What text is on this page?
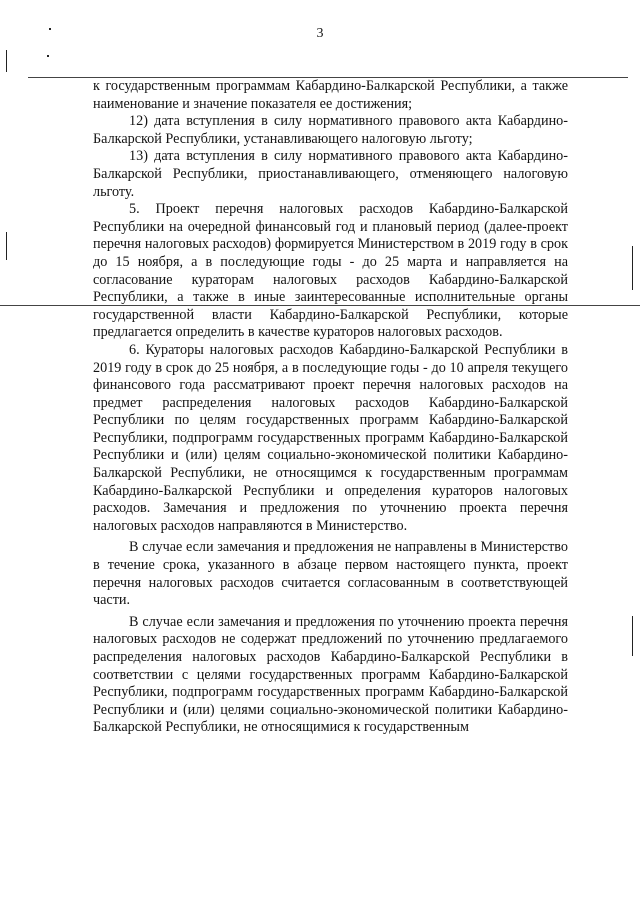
3

к государственным программам Кабардино-Балкарской Республики, а также наименование и значение показателя ее достижения;

12) дата вступления в силу нормативного правового акта Кабардино-Балкарской Республики, устанавливающего налоговую льготу;

13) дата вступления в силу нормативного правового акта Кабардино-Балкарской Республики, приостанавливающего, отменяющего налоговую льготу.

5. Проект перечня налоговых расходов Кабардино-Балкарской Республики на очередной финансовый год и плановый период (далее-проект перечня налоговых расходов) формируется Министерством в 2019 году в срок до 15 ноября, а в последующие годы - до 25 марта и направляется на согласование кураторам налоговых расходов Кабардино-Балкарской Республики, а также в иные заинтересованные исполнительные органы государственной власти Кабардино-Балкарской Республики, которые предлагается определить в качестве кураторов налоговых расходов.

6. Кураторы налоговых расходов Кабардино-Балкарской Республики в 2019 году в срок до 25 ноября, а в последующие годы - до 10 апреля текущего финансового года рассматривают проект перечня налоговых расходов на предмет распределения налоговых расходов Кабардино-Балкарской Республики по целям государственных программ Кабардино-Балкарской Республики, подпрограмм государственных программ Кабардино-Балкарской Республики и (или) целям социально-экономической политики Кабардино-Балкарской Республики, не относящимся к государственным программам Кабардино-Балкарской Республики и определения кураторов налоговых расходов. Замечания и предложения по уточнению проекта перечня налоговых расходов направляются в Министерство.

В случае если замечания и предложения не направлены в Министерство в течение срока, указанного в абзаце первом настоящего пункта, проект перечня налоговых расходов считается согласованным в соответствующей части.

В случае если замечания и предложения по уточнению проекта перечня налоговых расходов не содержат предложений по уточнению предлагаемого распределения налоговых расходов Кабардино-Балкарской Республики в соответствии с целями государственных программ Кабардино-Балкарской Республики, подпрограмм государственных программ Кабардино-Балкарской Республики и (или) целями социально-экономической политики Кабардино-Балкарской Республики, не относящимися к государственным
